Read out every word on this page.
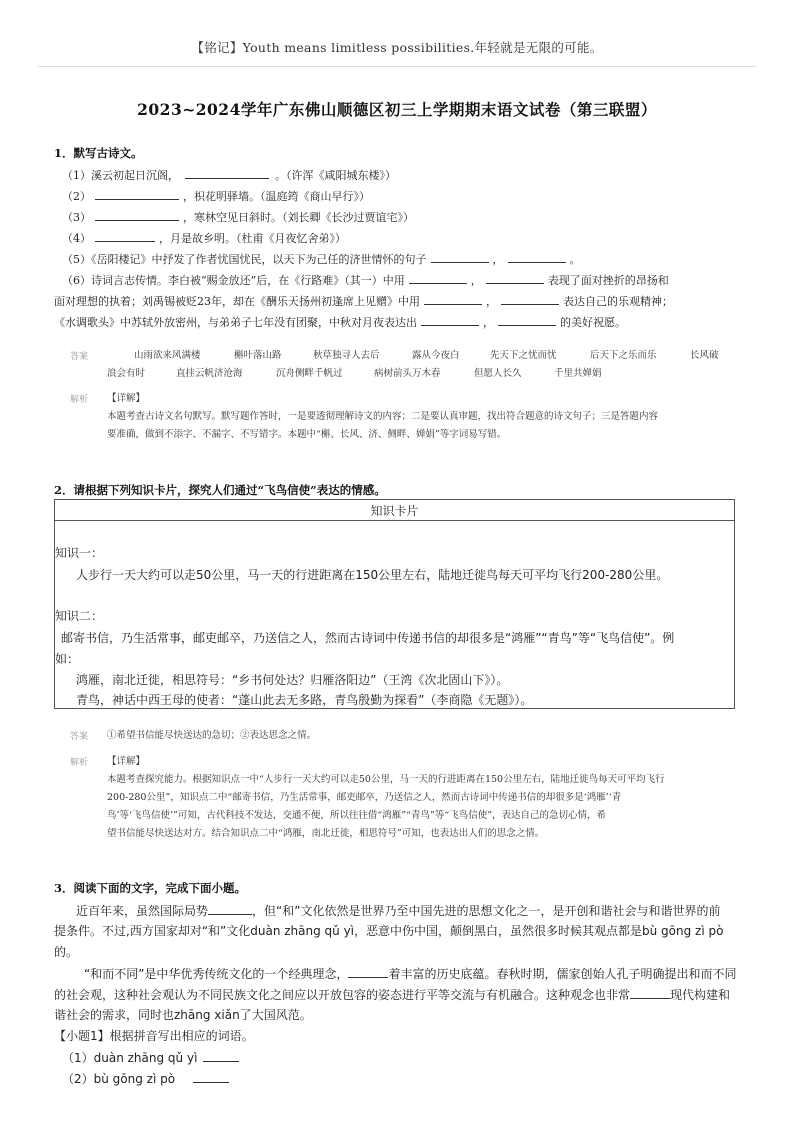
【铭记】Youth means limitless possibilities.年轻就是无限的可能。
2023~2024学年广东佛山顺德区初三上学期期末语文试卷（第三联盟）
1．默写古诗文。
（1）溪云初起日沉阁，	。（许浑《咸阳城东楼》）
（2）	，枳花明驿墙。（温庭筠《商山早行》）
（3）	，寒林空见日斜时。（刘长卿《长沙过贾谊宅》）
（4）	，月是故乡明。（杜甫《月夜忆舍弟》）
（5）《岳阳楼记》中抒发了作者忧国忧民，以天下为己任的济世情怀的句子	，	。
（6）诗词言志传情。李白被“赐金放还”后，在《行路难》（其一）中用	，	表现了面对挫折的昂扬和
面对理想的执着；刘禹锡被贬23年，却在《酬乐天扬州初逢席上见赠》中用	，	表达自己的乐观精神；
《水调歌头》中苏轼外放密州，与弟弟子七年没有团聚，中秋对月夜表达出	，	的美好祝愿。
答案	山雨欲来风满楼	槲叶落山路	秋草独寻人去后	露从今夜白	先天下之忧而忧	后天下之乐而乐	长风破
浪会有时	直挂云帆济沧海	沉舟侧畔千帆过	病树前头万木春	但愿人长久	千里共婵娟
解析 【详解】
本题考查古诗文名句默写。默写题作答时，一是要透彻理解诗文的内容；二是要认真审题，找出符合题意的诗文句子；三是答题内容
要准确，做到不添字、不漏字、不写错字。本题中“槲、长风、济、侧畔、婵娟”等字词易写错。
2．请根据下列知识卡片，探究人们通过“飞鸟信使”表达的情感。
知识卡片
知识一：
人步行一天大约可以走50公里，马一天的行进距离在150公里左右，陆地迁徙鸟每天可平均飞行200-280公里。
知识二：
邮寄书信，乃生活常事，邮吏邮卒，乃送信之人，然而古诗词中传递书信的却很多是“鸿雁”“青鸟”等“飞鸟信使”。例
如：
鸿雁，南北迁徙，相思符号：“乡书何处达？归雁洛阳边”（王湾《次北固山下》）。
青鸟，神话中西王母的使者：“蓬山此去无多路，青鸟殷勤为探看”（李商隐《无题》）。
答案 ①希望书信能尽快送达的急切；②表达思念之情。
解析 【详解】
本题考查探究能力。根据知识点一中“人步行一天大约可以走50公里，马一天的行进距离在150公里左右，陆地迁徙鸟每天可平均飞行
200-280公里”，知识点二中“邮寄书信，乃生活常事，邮吏邮卒，乃送信之人，然而古诗词中传递书信的却很多是‘鸿雁’‘青
鸟’等‘飞鸟信使’”可知，古代科技不发达，交通不便，所以往往借“鸿雁”“青鸟”等“飞鸟信使”，表达自己的急切心情，希
望书信能尽快送达对方。结合知识点二中“鸿雁，南北迁徙，相思符号”可知，也表达出人们的思念之情。
3．阅读下面的文字，完成下面小题。
近百年来，虽然国际局势	，但“和”文化依然是世界乃至中国先进的思想文化之一，是开创和谐社会与和谐世界的前
提条件。不过,西方国家却对“和”文化duàn zhāng qǔ yì，恶意中伤中国，颠倒黑白，虽然很多时候其观点都是bù gōng zì pò
的。
“和而不同”是中华优秀传统文化的一个经典理念，	着丰富的历史底蕴。春秋时期，儒家创始人孔子明确提出和而不同
的社会观，这种社会观认为不同民族文化之间应以开放包容的姿态进行平等交流与有机融合。这种观念也非常	现代构建和
谐社会的需求，同时也zhāng xiǎn了大国风范。
【小题1】根据拼音写出相应的词语。
（1）duàn zhāng qǔ yì
（2）bù gōng zì pò
